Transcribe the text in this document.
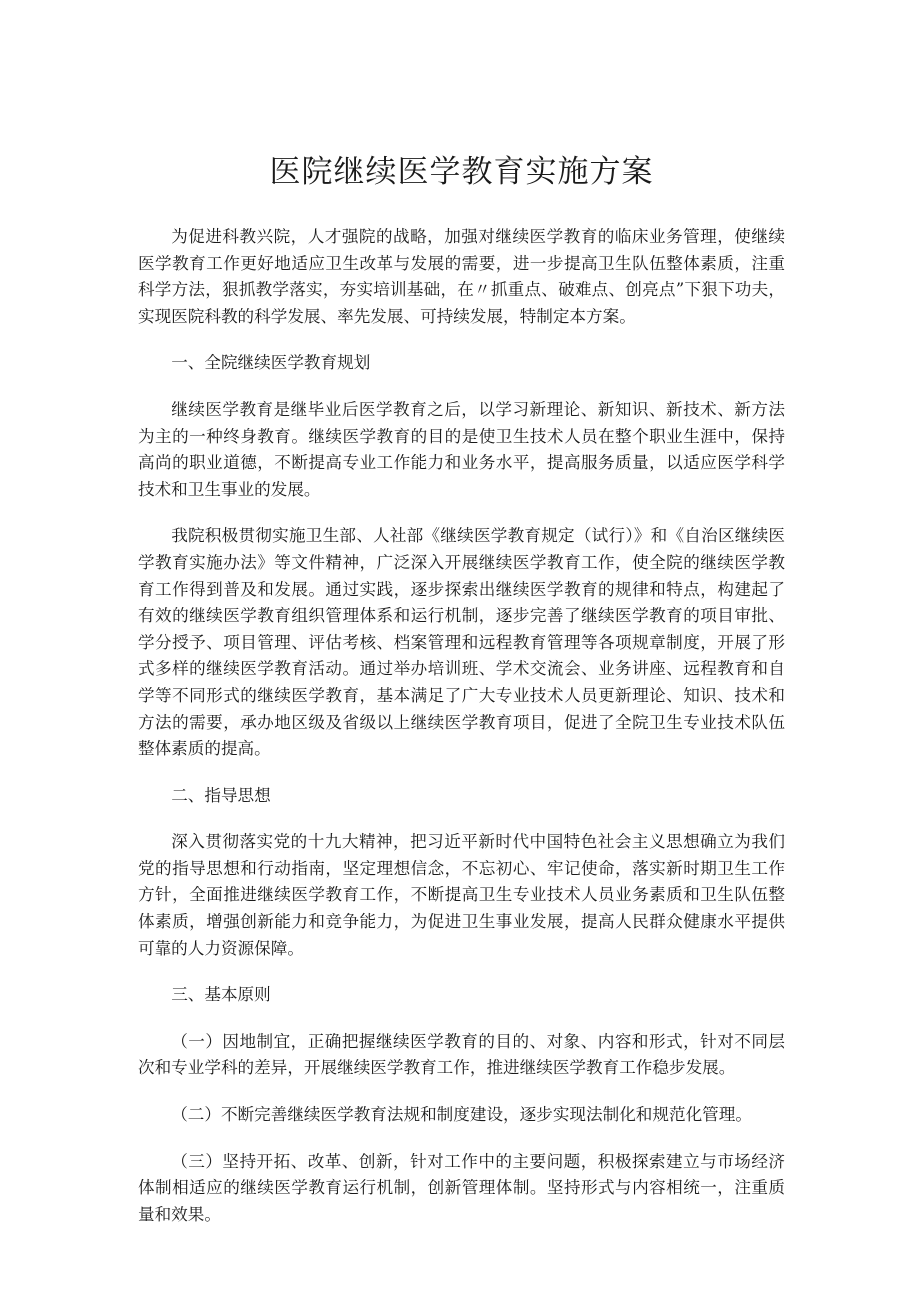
医院继续医学教育实施方案

为促进科教兴院，人才强院的战略，加强对继续医学教育的临床业务管理，使继续医学教育工作更好地适应卫生改革与发展的需要，进一步提高卫生队伍整体素质，注重科学方法，狠抓教学落实，夯实培训基础，在〃抓重点、破难点、创亮点”下狠下功夫，实现医院科教的科学发展、率先发展、可持续发展，特制定本方案。

一、全院继续医学教育规划

继续医学教育是继毕业后医学教育之后，以学习新理论、新知识、新技术、新方法为主的一种终身教育。继续医学教育的目的是使卫生技术人员在整个职业生涯中，保持高尚的职业道德，不断提高专业工作能力和业务水平，提高服务质量，以适应医学科学技术和卫生事业的发展。

我院积极贯彻实施卫生部、人社部《继续医学教育规定（试行）》和《自治区继续医学教育实施办法》等文件精神，广泛深入开展继续医学教育工作，使全院的继续医学教育工作得到普及和发展。通过实践，逐步探索出继续医学教育的规律和特点，构建起了有效的继续医学教育组织管理体系和运行机制，逐步完善了继续医学教育的项目审批、学分授予、项目管理、评估考核、档案管理和远程教育管理等各项规章制度，开展了形式多样的继续医学教育活动。通过举办培训班、学术交流会、业务讲座、远程教育和自学等不同形式的继续医学教育，基本满足了广大专业技术人员更新理论、知识、技术和方法的需要，承办地区级及省级以上继续医学教育项目，促进了全院卫生专业技术队伍整体素质的提高。

二、指导思想

深入贯彻落实党的十九大精神，把习近平新时代中国特色社会主义思想确立为我们党的指导思想和行动指南，坚定理想信念，不忘初心、牢记使命，落实新时期卫生工作方针，全面推进继续医学教育工作，不断提高卫生专业技术人员业务素质和卫生队伍整体素质，增强创新能力和竞争能力，为促进卫生事业发展，提高人民群众健康水平提供可靠的人力资源保障。

三、基本原则

（一）因地制宜，正确把握继续医学教育的目的、对象、内容和形式，针对不同层次和专业学科的差异，开展继续医学教育工作，推进继续医学教育工作稳步发展。

（二）不断完善继续医学教育法规和制度建设，逐步实现法制化和规范化管理。

（三）坚持开拓、改革、创新，针对工作中的主要问题，积极探索建立与市场经济体制相适应的继续医学教育运行机制，创新管理体制。坚持形式与内容相统一，注重质量和效果。
